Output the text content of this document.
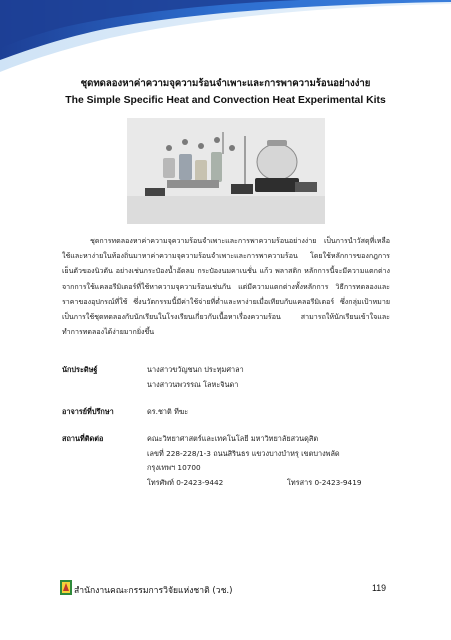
ชุดทดลองหาค่าความจุความร้อนจำเพาะและการพาความร้อนอย่างง่าย
The Simple Specific Heat and Convection Heat Experimental Kits

ชุดการทดลองหาค่าความจุความร้อนจำเพาะและการพาความร้อนอย่างง่าย เป็นการนำวัสดุที่เหลือใช้และหาง่ายในท้องถิ่นมาหาค่าความจุความร้อนจำเพาะและการพาความร้อน โดยใช้หลักการของกฎการเย็นตัวของนิวตัน อย่างเช่นกระป๋องน้ำอัดลม กระป๋องนมคาเนชั่น แก้ว พลาสติก หลักการนี้จะมีความแตกต่างจากการใช้แคลอรีมิเตอร์ที่ใช้หาความจุความร้อนเช่นกัน แต่มีความแตกต่างทั้งหลักการ วิธีการทดลองและราคาของอุปกรณ์ที่ใช้ ซึ่งนวัตกรรมนี้มีค่าใช้จ่ายที่ต่ำและหาง่ายเมื่อเทียบกับแคลอรีมิเตอร์ ซึ่งกลุ่มเป้าหมายเป็นการใช้ชุดทดลองกับนักเรียนในโรงเรียนเกี่ยวกับเนื้อหาเรื่องความร้อน สามารถให้นักเรียนเข้าใจและทำการทดลองได้ง่ายมากยิ่งขึ้น

นักประดิษฐ์	นางสาวขวัญชนก ประทุมศาลา
นางสาวนพวรรณ โลหะจินดา
อาจารย์ที่ปรึกษา	ดร.ชาติ ทีฆะ
สถานที่ติดต่อ	คณะวิทยาศาสตร์และเทคโนโลยี มหาวิทยาลัยสวนดุสิต
เลขที่ 228-228/1-3 ถนนสิรินธร แขวงบางบำหรุ เขตบางพลัด
กรุงเทพฯ 10700
โทรศัพท์ 0-2423-9442	โทรสาร 0-2423-9419
สำนักงานคณะกรรมการวิจัยแห่งชาติ (วช.)	119
